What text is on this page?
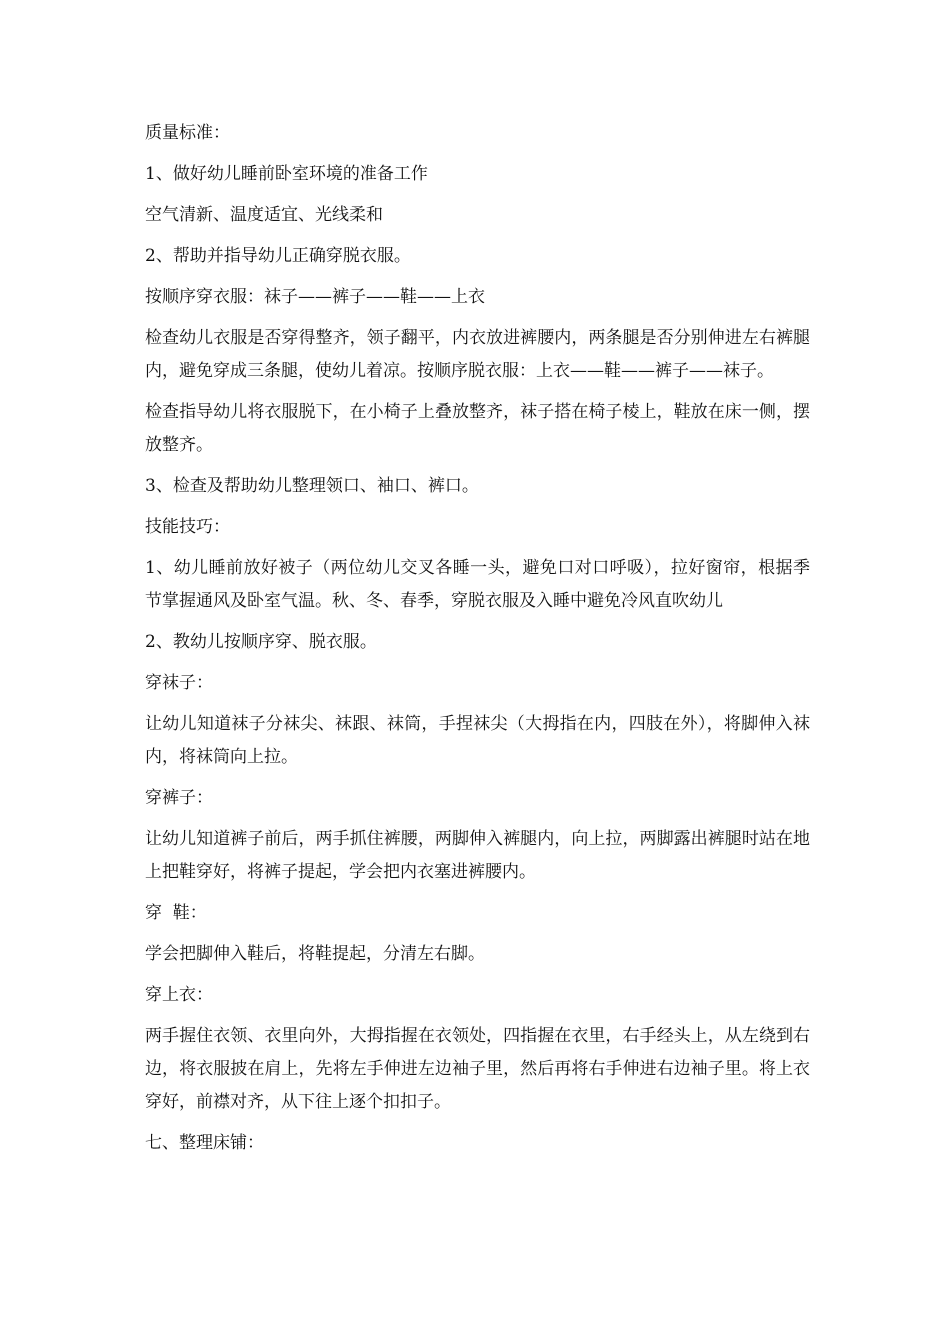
质量标准：

1、做好幼儿睡前卧室环境的准备工作

空气清新、温度适宜、光线柔和

2、帮助并指导幼儿正确穿脱衣服。

按顺序穿衣服：袜子——裤子——鞋——上衣

检查幼儿衣服是否穿得整齐，领子翻平，内衣放进裤腰内，两条腿是否分别伸进左右裤腿内，避免穿成三条腿，使幼儿着凉。按顺序脱衣服：上衣——鞋——裤子——袜子。

检查指导幼儿将衣服脱下，在小椅子上叠放整齐，袜子搭在椅子棱上，鞋放在床一侧，摆放整齐。

3、检查及帮助幼儿整理领口、袖口、裤口。

技能技巧：

1、幼儿睡前放好被子（两位幼儿交叉各睡一头，避免口对口呼吸），拉好窗帘，根据季节掌握通风及卧室气温。秋、冬、春季，穿脱衣服及入睡中避免冷风直吹幼儿

2、教幼儿按顺序穿、脱衣服。

穿袜子：

让幼儿知道袜子分袜尖、袜跟、袜筒，手捏袜尖（大拇指在内，四肢在外），将脚伸入袜内，将袜筒向上拉。

穿裤子：

让幼儿知道裤子前后，两手抓住裤腰，两脚伸入裤腿内，向上拉，两脚露出裤腿时站在地上把鞋穿好，将裤子提起，学会把内衣塞进裤腰内。

穿  鞋：

学会把脚伸入鞋后，将鞋提起，分清左右脚。

穿上衣：

两手握住衣领、衣里向外，大拇指握在衣领处，四指握在衣里，右手经头上，从左绕到右边，将衣服披在肩上，先将左手伸进左边袖子里，然后再将右手伸进右边袖子里。将上衣穿好，前襟对齐，从下往上逐个扣扣子。

七、整理床铺：
